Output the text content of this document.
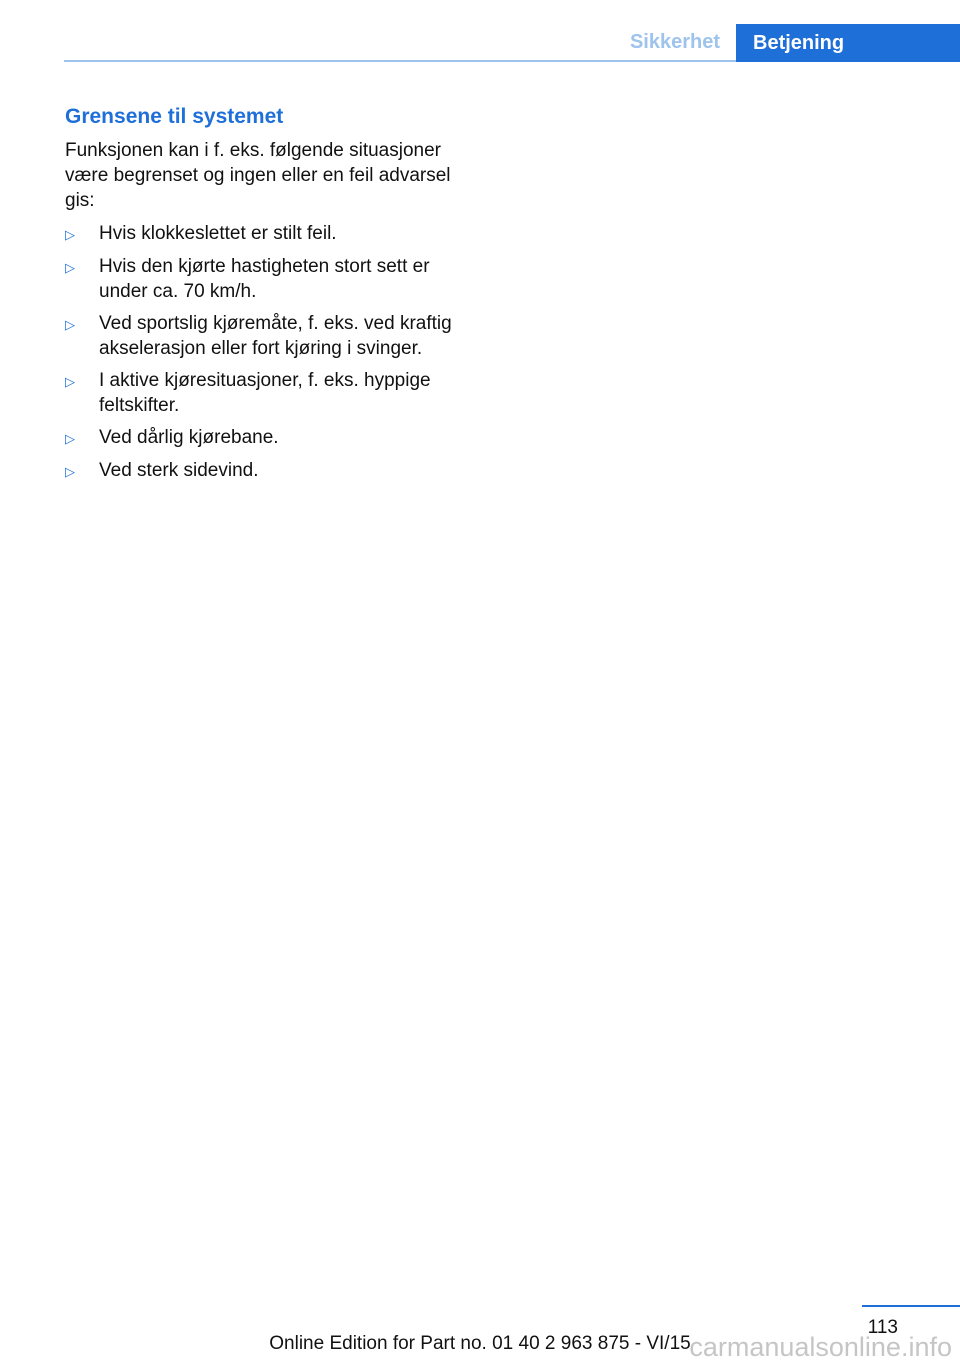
Sikkerhet	Betjening
Grensene til systemet

Funksjonen kan i f. eks. følgende situasjoner være begrenset og ingen eller en feil advarsel gis:

▷	Hvis klokkeslettet er stilt feil.
▷	Hvis den kjørte hastigheten stort sett er under ca. 70 km/h.
▷	Ved sportslig kjøremåte, f. eks. ved kraftig akselerasjon eller fort kjøring i svinger.
▷	I aktive kjøresituasjoner, f. eks. hyppige feltskifter.
▷	Ved dårlig kjørebane.
▷	Ved sterk sidevind.
113
Online Edition for Part no. 01 40 2 963 875 - VI/15
carmanualsonline.info
